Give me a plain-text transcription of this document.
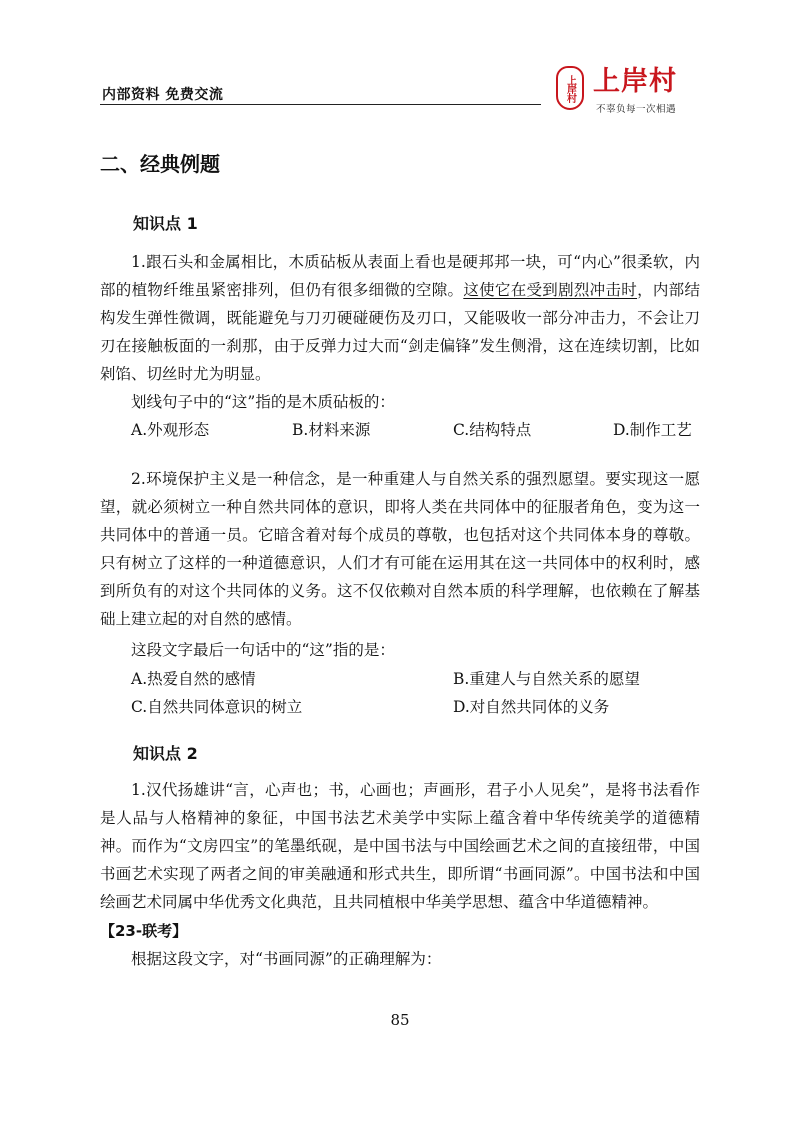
内部资料 免费交流	上岸村 上岸村
不辜负每一次相遇
二、经典例题
知识点 1

1.跟石头和金属相比，木质砧板从表面上看也是硬邦邦一块，可“内心”很柔软，内部的植物纤维虽紧密排列，但仍有很多细微的空隙。这使它在受到剧烈冲击时，内部结构发生弹性微调，既能避免与刀刃硬碰硬伤及刃口，又能吸收一部分冲击力，不会让刀刃在接触板面的一刹那，由于反弹力过大而“剑走偏锋”发生侧滑，这在连续切割，比如剁馅、切丝时尤为明显。

划线句子中的“这”指的是木质砧板的：
A.外观形态	B.材料来源	C.结构特点	D.制作工艺

2.环境保护主义是一种信念，是一种重建人与自然关系的强烈愿望。要实现这一愿望，就必须树立一种自然共同体的意识，即将人类在共同体中的征服者角色，变为这一共同体中的普通一员。它暗含着对每个成员的尊敬，也包括对这个共同体本身的尊敬。只有树立了这样的一种道德意识，人们才有可能在运用其在这一共同体中的权利时，感到所负有的对这个共同体的义务。这不仅依赖对自然本质的科学理解，也依赖在了解基础上建立起的对自然的感情。

这段文字最后一句话中的“这”指的是：
A.热爱自然的感情	B.重建人与自然关系的愿望
C.自然共同体意识的树立	D.对自然共同体的义务
知识点 2

1.汉代扬雄讲“言，心声也；书，心画也；声画形，君子小人见矣”，是将书法看作是人品与人格精神的象征，中国书法艺术美学中实际上蕴含着中华传统美学的道德精神。而作为“文房四宝”的笔墨纸砚，是中国书法与中国绘画艺术之间的直接纽带，中国书画艺术实现了两者之间的审美融通和形式共生，即所谓“书画同源”。中国书法和中国绘画艺术同属中华优秀文化典范，且共同植根中华美学思想、蕴含中华道德精神。

【23-联考】
根据这段文字，对“书画同源”的正确理解为：
85
